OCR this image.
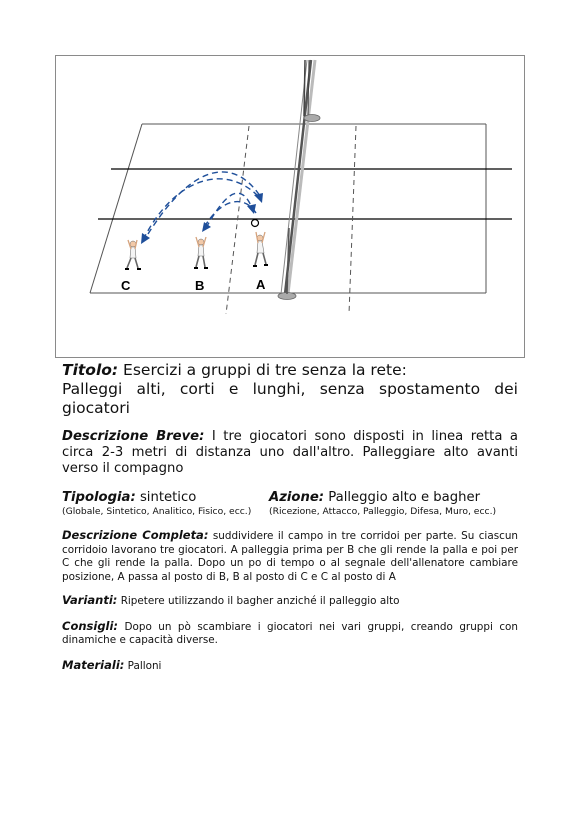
C	B	A
Titolo: Esercizi a gruppi di tre senza la rete:
Palleggi alti, corti e lunghi, senza spostamento dei giocatori
Descrizione Breve: I tre giocatori sono disposti in linea retta a circa 2-3 metri di distanza uno dall'altro. Palleggiare alto avanti verso il compagno
Tipologia: sintetico	Azione: Palleggio alto e bagher
(Globale, Sintetico, Analitico, Fisico, ecc.) (Ricezione, Attacco, Palleggio, Difesa, Muro, ecc.)
Descrizione Completa: suddividere il campo in tre corridoi per parte. Su ciascun corridoio lavorano tre giocatori. A palleggia prima per B che gli rende la palla e poi per C che gli rende la palla. Dopo un po di tempo o al segnale dell'allenatore cambiare posizione, A passa al posto di B, B al posto di C e C al posto di A
Varianti: Ripetere utilizzando il bagher anziché il palleggio alto
Consigli: Dopo un pò scambiare i giocatori nei vari gruppi, creando gruppi con dinamiche e capacità diverse.
Materiali: Palloni
